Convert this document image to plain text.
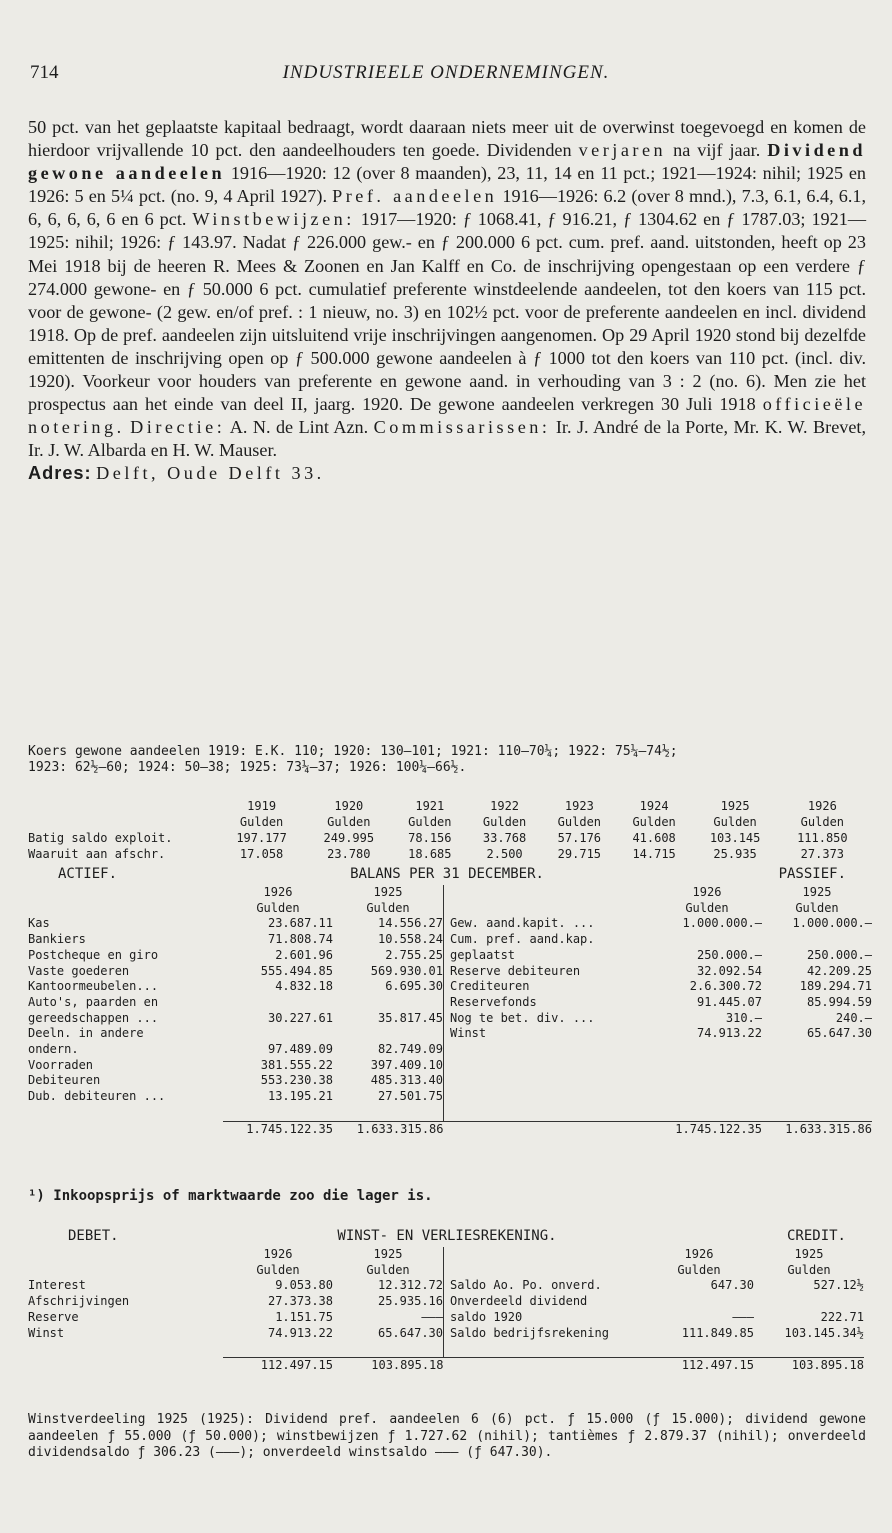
714	INDUSTRIEELE ONDERNEMINGEN.

50 pct. van het geplaatste kapitaal bedraagt, wordt daaraan niets meer uit de overwinst toegevoegd en komen de hierdoor vrijvallende 10 pct. den aandeelhouders ten goede. Dividenden verjaren na vijf jaar. Dividend gewone aandeelen 1916—1920: 12 (over 8 maanden), 23, 11, 14 en 11 pct.; 1921—1924: nihil; 1925 en 1926: 5 en 5¼ pct. (no. 9, 4 April 1927). Pref. aandeelen 1916—1926: 6.2 (over 8 mnd.), 7.3, 6.1, 6.4, 6.1, 6, 6, 6, 6, 6 en 6 pct. Winstbewijzen: 1917—1920: ƒ 1068.41, ƒ 916.21, ƒ 1304.62 en ƒ 1787.03; 1921—1925: nihil; 1926: ƒ 143.97. Nadat ƒ 226.000 gew.- en ƒ 200.000 6 pct. cum. pref. aand. uitstonden, heeft op 23 Mei 1918 bij de heeren R. Mees & Zoonen en Jan Kalff en Co. de inschrijving opengestaan op een verdere ƒ 274.000 gewone- en ƒ 50.000 6 pct. cumulatief preferente winstdeelende aandeelen, tot den koers van 115 pct. voor de gewone- (2 gew. en/of pref. : 1 nieuw, no. 3) en 102½ pct. voor de preferente aandeelen en incl. dividend 1918. Op de pref. aandeelen zijn uitsluitend vrije inschrijvingen aangenomen. Op 29 April 1920 stond bij dezelfde emittenten de inschrijving open op ƒ 500.000 gewone aandeelen à ƒ 1000 tot den koers van 110 pct. (incl. div. 1920). Voorkeur voor houders van preferente en gewone aand. in verhouding van 3 : 2 (no. 6). Men zie het prospectus aan het einde van deel II, jaarg. 1920. De gewone aandeelen verkregen 30 Juli 1918 officieële notering. Directie: A. N. de Lint Azn. Commissarissen: Ir. J. André de la Porte, Mr. K. W. Brevet, Ir. J. W. Albarda en H. W. Mauser.

Adres: Delft, Oude Delft 33.

Koers gewone aandeelen 1919: E.K. 110; 1920: 130—101; 1921: 110—70¼; 1922: 75¼—74½;
1923: 62½—60; 1924: 50—38; 1925: 73¼—37; 1926: 100¼—66½.
	1919	1920	1921	1922	1923	1924	1925	1926
	Gulden	Gulden	Gulden	Gulden	Gulden	Gulden	Gulden	Gulden
Batig saldo exploit.	197.177	249.995	78.156	33.768	57.176	41.608	103.145	111.850
Waaruit aan afschr.	17.058	23.780	18.685	2.500	29.715	14.715	25.935	27.373
ACTIEF.	BALANS PER 31 DECEMBER.	PASSIEF.
	1926	1925		1926	1925
	Gulden	Gulden		Gulden	Gulden
Kas	23.687.11	14.556.27	Gew. aand.kapit. ...	1.000.000.—	1.000.000.—
Bankiers	71.808.74	10.558.24	Cum. pref. aand.kap.		
Postcheque en giro	2.601.96	2.755.25	geplaatst	250.000.—	250.000.—
Vaste goederen	555.494.85	569.930.01	Reserve debiteuren	32.092.54	42.209.25
Kantoormeubelen...	4.832.18	6.695.30	Crediteuren	2.6.300.72	189.294.71
Auto's, paarden en			Reservefonds	91.445.07	85.994.59
gereedschappen ...	30.227.61	35.817.45	Nog te bet. div. ...	310.—	240.—
Deeln. in andere			Winst	74.913.22	65.647.30
ondern.	97.489.09	82.749.09			
Voorraden	381.555.22	397.409.10			
Debiteuren	553.230.38	485.313.40			
Dub. debiteuren ...	13.195.21	27.501.75			

	1.745.122.35	1.633.315.86		1.745.122.35	1.633.315.86
¹) Inkoopsprijs of marktwaarde zoo die lager is.
DEBET.	WINST- EN VERLIESREKENING.	CREDIT.
	1926	1925		1926	1925
	Gulden	Gulden		Gulden	Gulden
Interest	9.053.80	12.312.72	Saldo Ao. Po. onverd.	647.30	527.12½
Afschrijvingen	27.373.38	25.935.16	Onverdeeld dividend		
Reserve	1.151.75	———	saldo 1920	———	222.71
Winst	74.913.22	65.647.30	Saldo bedrijfsrekening	111.849.85	103.145.34½

	112.497.15	103.895.18		112.497.15	103.895.18
Winstverdeeling 1925 (1925): Dividend pref. aandeelen 6 (6) pct. ƒ 15.000 (ƒ 15.000); dividend gewone aandeelen ƒ 55.000 (ƒ 50.000); winstbewijzen ƒ 1.727.62 (nihil); tantièmes ƒ 2.879.37 (nihil); onverdeeld dividendsaldo ƒ 306.23 (———); onverdeeld winstsaldo ——— (ƒ 647.30).
